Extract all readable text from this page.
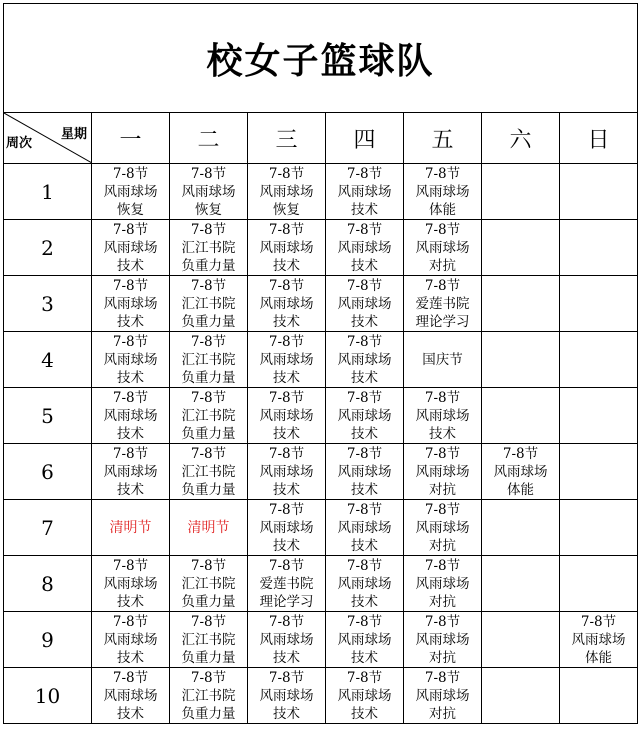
校女子篮球队							

星期
周次	一	二	三	四	五	六	日
1	7-8节
风雨球场
恢复	7-8节
风雨球场
恢复	7-8节
风雨球场
恢复	7-8节
风雨球场
技术	7-8节
风雨球场
体能		

2	7-8节
风雨球场
技术	7-8节
汇江书院
负重力量	7-8节
风雨球场
技术	7-8节
风雨球场
技术	7-8节
风雨球场
对抗		

3	7-8节
风雨球场
技术	7-8节
汇江书院
负重力量	7-8节
风雨球场
技术	7-8节
风雨球场
技术	7-8节
爱莲书院
理论学习		

4	7-8节
风雨球场
技术	7-8节
汇江书院
负重力量	7-8节
风雨球场
技术	7-8节
风雨球场
技术	国庆节		

5	7-8节
风雨球场
技术	7-8节
汇江书院
负重力量	7-8节
风雨球场
技术	7-8节
风雨球场
技术	7-8节
风雨球场
技术		

6	7-8节
风雨球场
技术	7-8节
汇江书院
负重力量	7-8节
风雨球场
技术	7-8节
风雨球场
技术	7-8节
风雨球场
对抗	7-8节
风雨球场
体能	

7	清明节	清明节	7-8节
风雨球场
技术	7-8节
风雨球场
技术	7-8节
风雨球场
对抗		

8	7-8节
风雨球场
技术	7-8节
汇江书院
负重力量	7-8节
爱莲书院
理论学习	7-8节
风雨球场
技术	7-8节
风雨球场
对抗		

9	7-8节
风雨球场
技术	7-8节
汇江书院
负重力量	7-8节
风雨球场
技术	7-8节
风雨球场
技术	7-8节
风雨球场
对抗		7-8节
风雨球场
体能

10	7-8节
风雨球场
技术	7-8节
汇江书院
负重力量	7-8节
风雨球场
技术	7-8节
风雨球场
技术	7-8节
风雨球场
对抗		
